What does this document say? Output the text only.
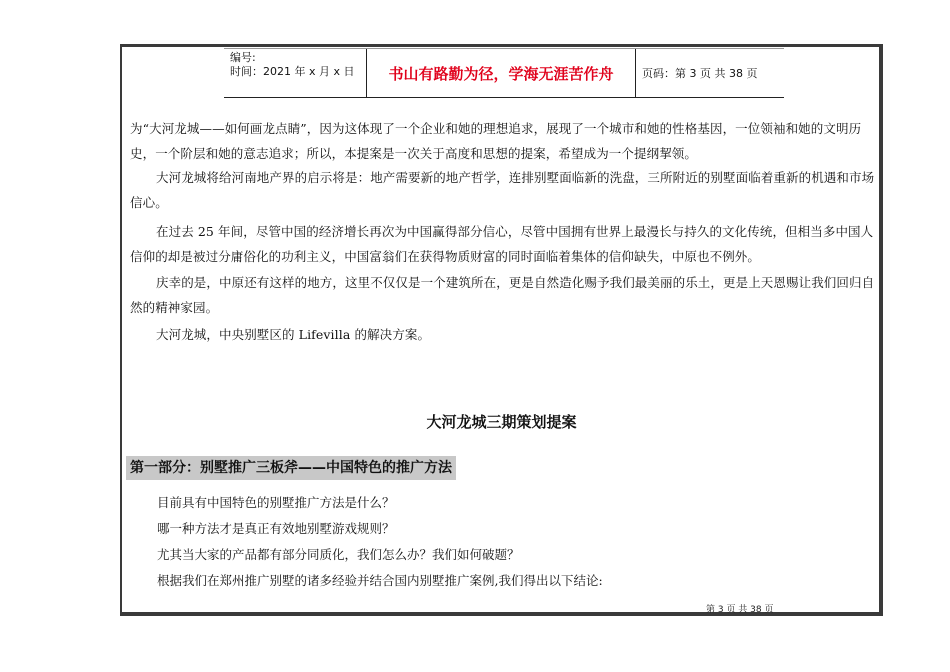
编号:
时间：2021 年 x 月 x 日	书山有路勤为径，学海无涯苦作舟	页码：第 3 页 共 38 页

为“大河龙城——如何画龙点睛”，因为这体现了一个企业和她的理想追求，展现了一个城市和她的性格基因，一位领袖和她的文明历史，一个阶层和她的意志追求；所以，本提案是一次关于高度和思想的提案，希望成为一个提纲挈领。

大河龙城将给河南地产界的启示将是：地产需要新的地产哲学，连排别墅面临新的洗盘，三所附近的别墅面临着重新的机遇和市场信心。

在过去 25 年间，尽管中国的经济增长再次为中国赢得部分信心，尽管中国拥有世界上最漫长与持久的文化传统，但相当多中国人信仰的却是被过分庸俗化的功利主义，中国富翁们在获得物质财富的同时面临着集体的信仰缺失，中原也不例外。

庆幸的是，中原还有这样的地方，这里不仅仅是一个建筑所在，更是自然造化赐予我们最美丽的乐土，更是上天恩赐让我们回归自然的精神家园。

大河龙城，中央别墅区的 Lifevilla 的解决方案。

大河龙城三期策划提案
第一部分：别墅推广三板斧——中国特色的推广方法

目前具有中国特色的别墅推广方法是什么？

哪一种方法才是真正有效地别墅游戏规则？

尤其当大家的产品都有部分同质化，我们怎么办？我们如何破题？

根据我们在郑州推广别墅的诸多经验并结合国内别墅推广案例,我们得出以下结论:

第 3 页 共 38 页
